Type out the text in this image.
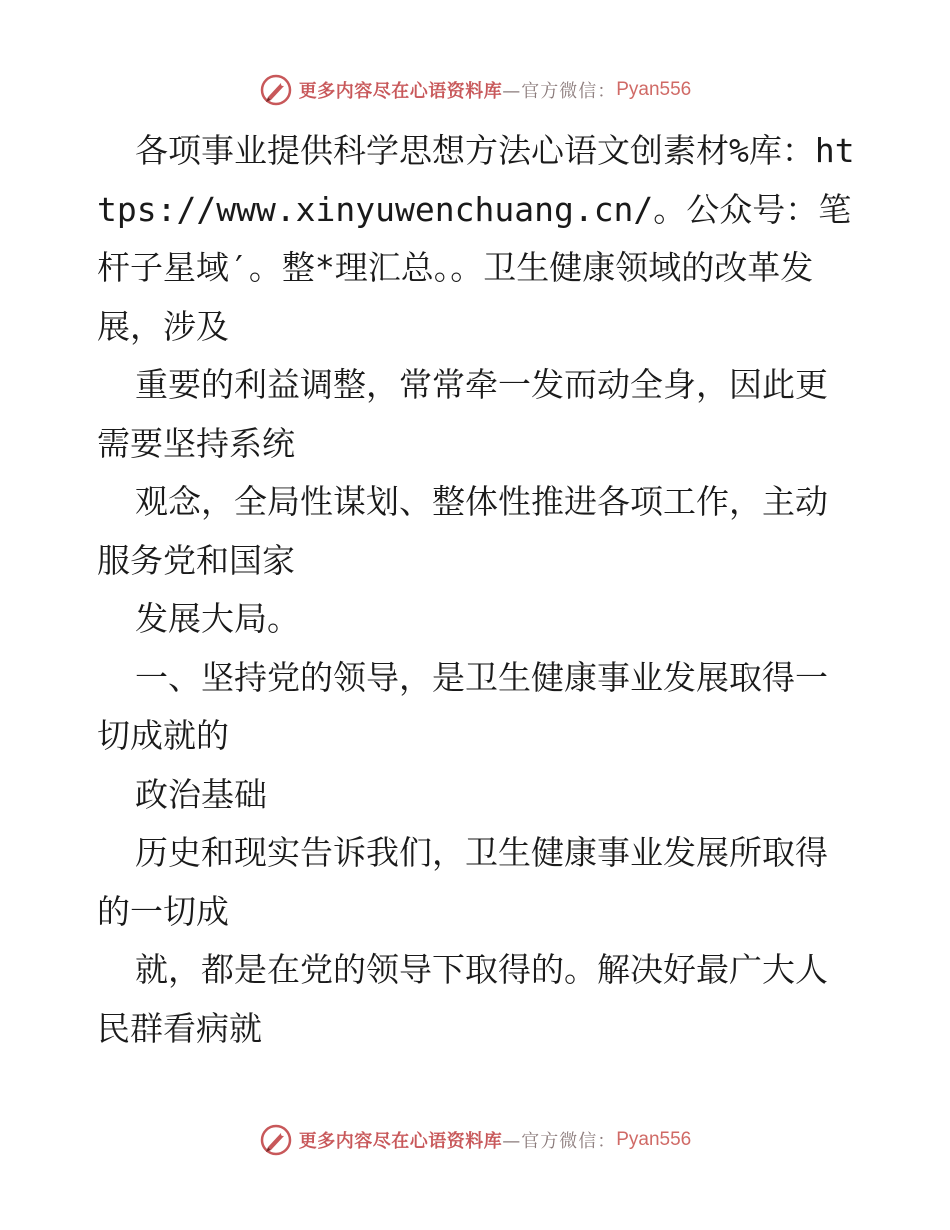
更多内容尽在心语资料库 —官方微信： Pyan556

各项事业提供科学思想方法心语文创素材%库：https://www.xinyuwenchuang.cn/。公众号：笔杆子星域′。整*理汇总。。卫生健康领域的改革发展，涉及

重要的利益调整，常常牵一发而动全身，因此更需要坚持系统

观念，全局性谋划、整体性推进各项工作，主动服务党和国家

发展大局。

一、坚持党的领导，是卫生健康事业发展取得一切成就的

政治基础

历史和现实告诉我们，卫生健康事业发展所取得的一切成

就，都是在党的领导下取得的。解决好最广大人民群看病就

更多内容尽在心语资料库 —官方微信： Pyan556
